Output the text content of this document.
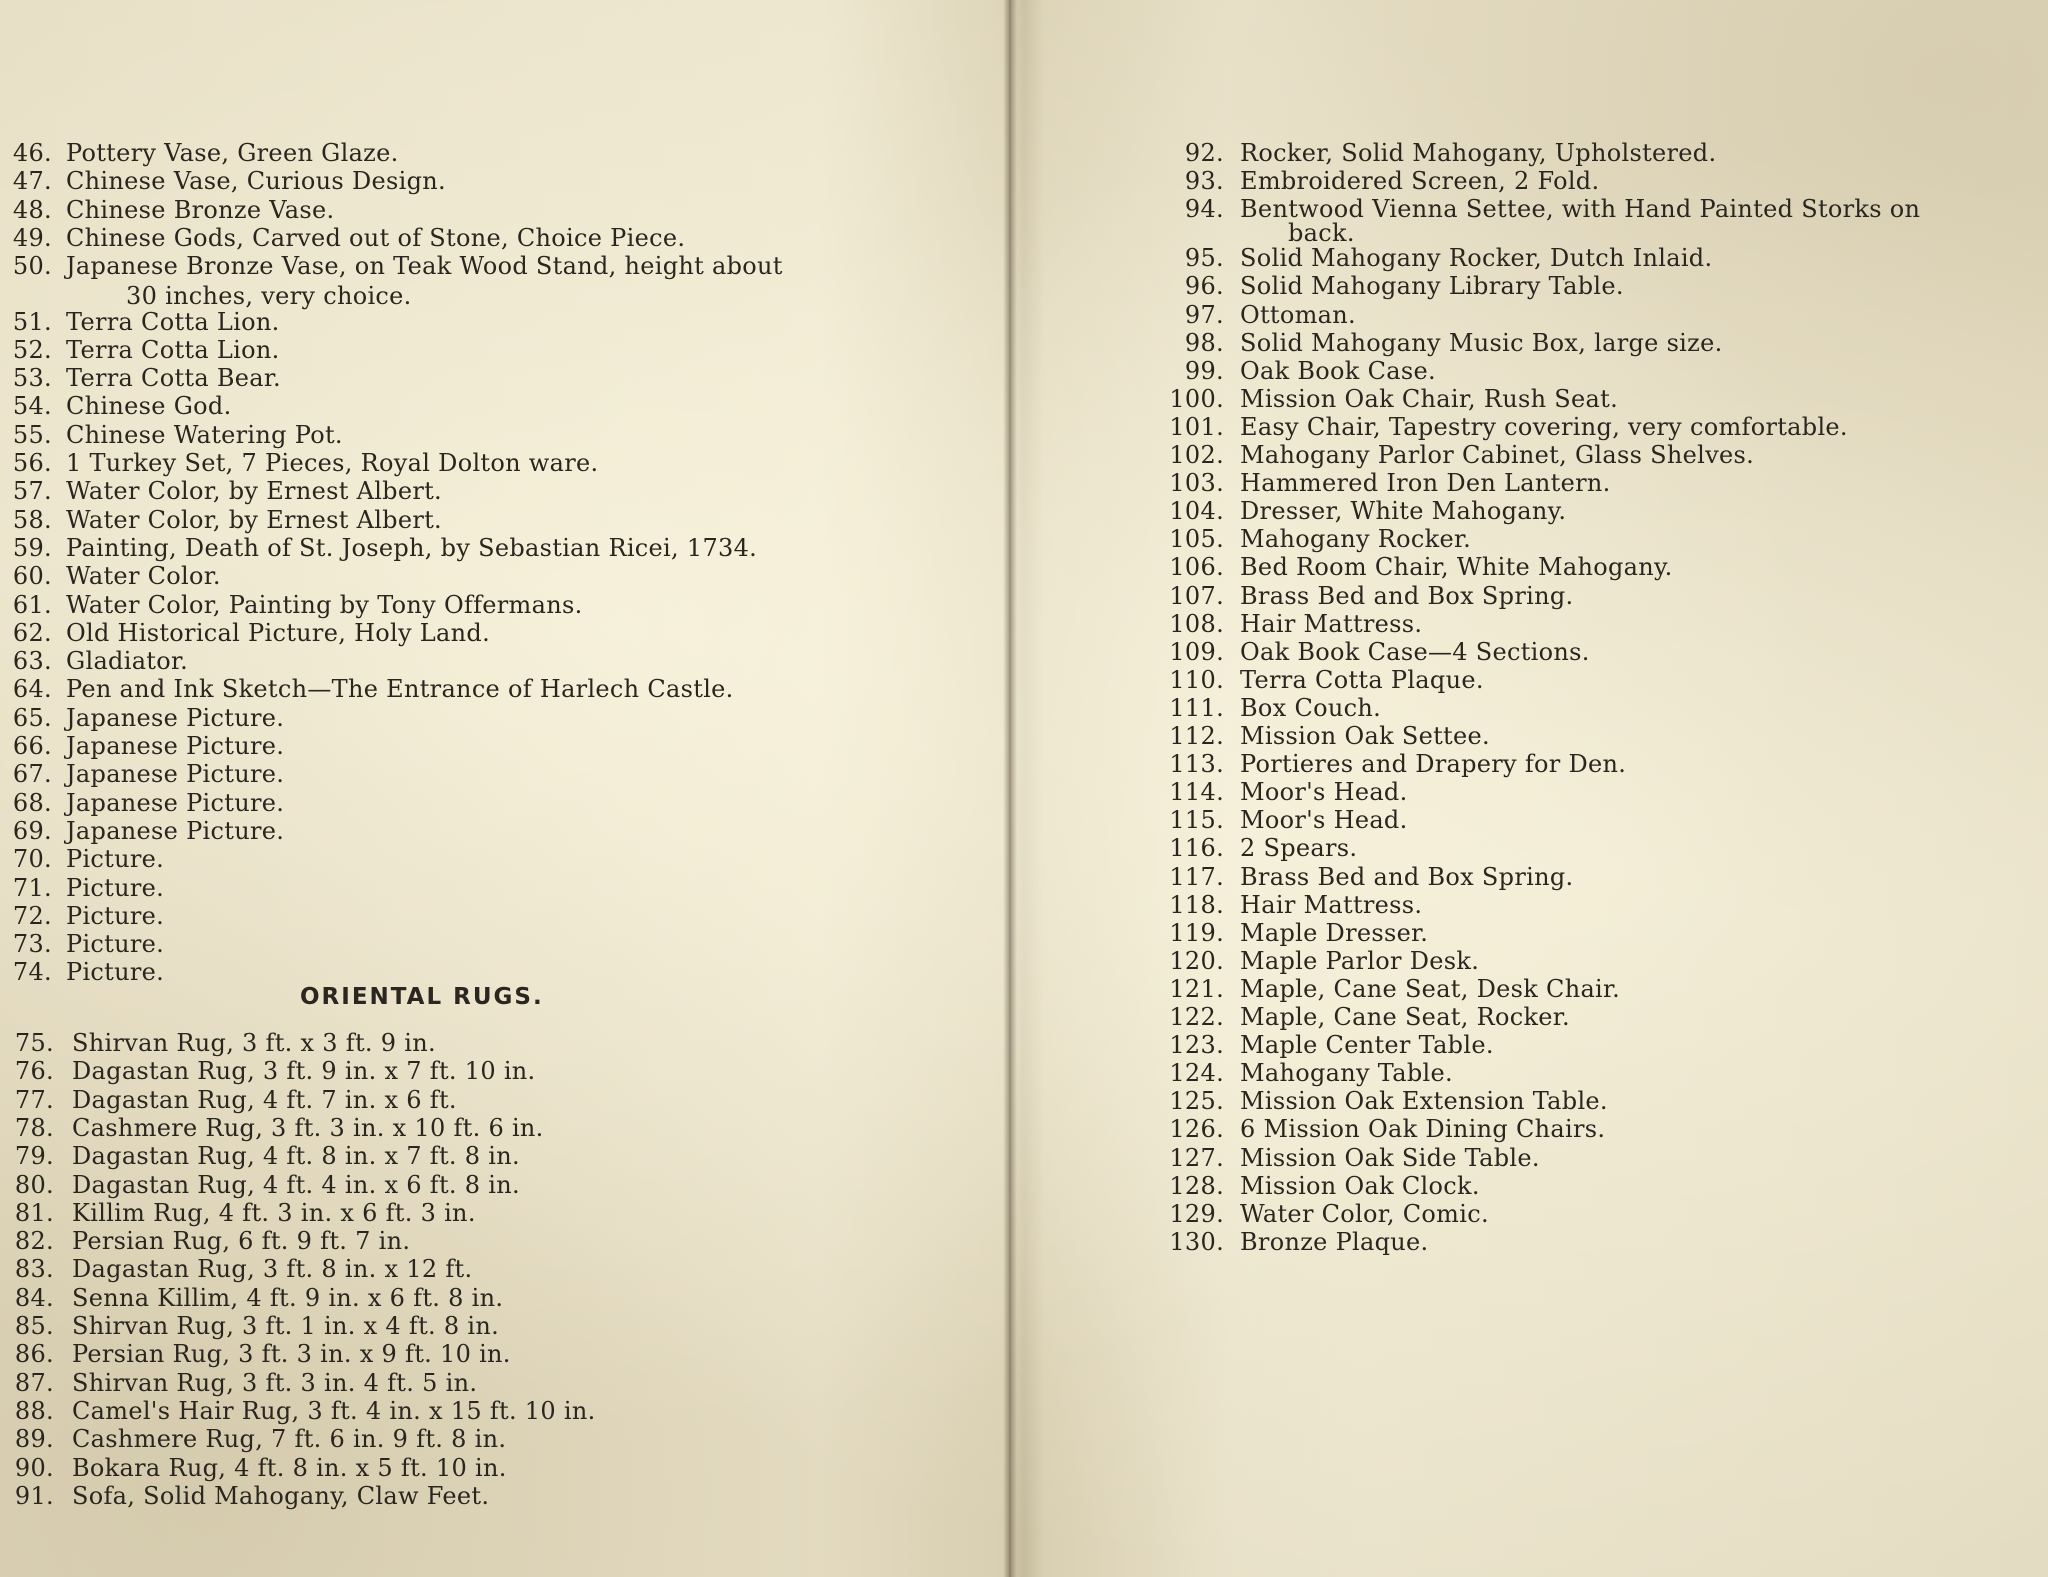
46. Pottery Vase, Green Glaze.
47. Chinese Vase, Curious Design.
48. Chinese Bronze Vase.
49. Chinese Gods, Carved out of Stone, Choice Piece.
50. Japanese Bronze Vase, on Teak Wood Stand, height about
30 inches, very choice.
51. Terra Cotta Lion.
52. Terra Cotta Lion.
53. Terra Cotta Bear.
54. Chinese God.
55. Chinese Watering Pot.
56. 1 Turkey Set, 7 Pieces, Royal Dolton ware.
57. Water Color, by Ernest Albert.
58. Water Color, by Ernest Albert.
59. Painting, Death of St. Joseph, by Sebastian Ricei, 1734.
60. Water Color.
61. Water Color, Painting by Tony Offermans.
62. Old Historical Picture, Holy Land.
63. Gladiator.
64. Pen and Ink Sketch—The Entrance of Harlech Castle.
65. Japanese Picture.
66. Japanese Picture.
67. Japanese Picture.
68. Japanese Picture.
69. Japanese Picture.
70. Picture.
71. Picture.
72. Picture.
73. Picture.
74. Picture.
ORIENTAL RUGS.
75. Shirvan Rug, 3 ft. x 3 ft. 9 in.
76. Dagastan Rug, 3 ft. 9 in. x 7 ft. 10 in.
77. Dagastan Rug, 4 ft. 7 in. x 6 ft.
78. Cashmere Rug, 3 ft. 3 in. x 10 ft. 6 in.
79. Dagastan Rug, 4 ft. 8 in. x 7 ft. 8 in.
80. Dagastan Rug, 4 ft. 4 in. x 6 ft. 8 in.
81. Killim Rug, 4 ft. 3 in. x 6 ft. 3 in.
82. Persian Rug, 6 ft. 9 ft. 7 in.
83. Dagastan Rug, 3 ft. 8 in. x 12 ft.
84. Senna Killim, 4 ft. 9 in. x 6 ft. 8 in.
85. Shirvan Rug, 3 ft. 1 in. x 4 ft. 8 in.
86. Persian Rug, 3 ft. 3 in. x 9 ft. 10 in.
87. Shirvan Rug, 3 ft. 3 in. 4 ft. 5 in.
88. Camel's Hair Rug, 3 ft. 4 in. x 15 ft. 10 in.
89. Cashmere Rug, 7 ft. 6 in. 9 ft. 8 in.
90. Bokara Rug, 4 ft. 8 in. x 5 ft. 10 in.
91. Sofa, Solid Mahogany, Claw Feet.
92. Rocker, Solid Mahogany, Upholstered.
93. Embroidered Screen, 2 Fold.
94. Bentwood Vienna Settee, with Hand Painted Storks on
back.
95. Solid Mahogany Rocker, Dutch Inlaid.
96. Solid Mahogany Library Table.
97. Ottoman.
98. Solid Mahogany Music Box, large size.
99. Oak Book Case.
100. Mission Oak Chair, Rush Seat.
101. Easy Chair, Tapestry covering, very comfortable.
102. Mahogany Parlor Cabinet, Glass Shelves.
103. Hammered Iron Den Lantern.
104. Dresser, White Mahogany.
105. Mahogany Rocker.
106. Bed Room Chair, White Mahogany.
107. Brass Bed and Box Spring.
108. Hair Mattress.
109. Oak Book Case—4 Sections.
110. Terra Cotta Plaque.
111. Box Couch.
112. Mission Oak Settee.
113. Portieres and Drapery for Den.
114. Moor's Head.
115. Moor's Head.
116. 2 Spears.
117. Brass Bed and Box Spring.
118. Hair Mattress.
119. Maple Dresser.
120. Maple Parlor Desk.
121. Maple, Cane Seat, Desk Chair.
122. Maple, Cane Seat, Rocker.
123. Maple Center Table.
124. Mahogany Table.
125. Mission Oak Extension Table.
126. 6 Mission Oak Dining Chairs.
127. Mission Oak Side Table.
128. Mission Oak Clock.
129. Water Color, Comic.
130. Bronze Plaque.
